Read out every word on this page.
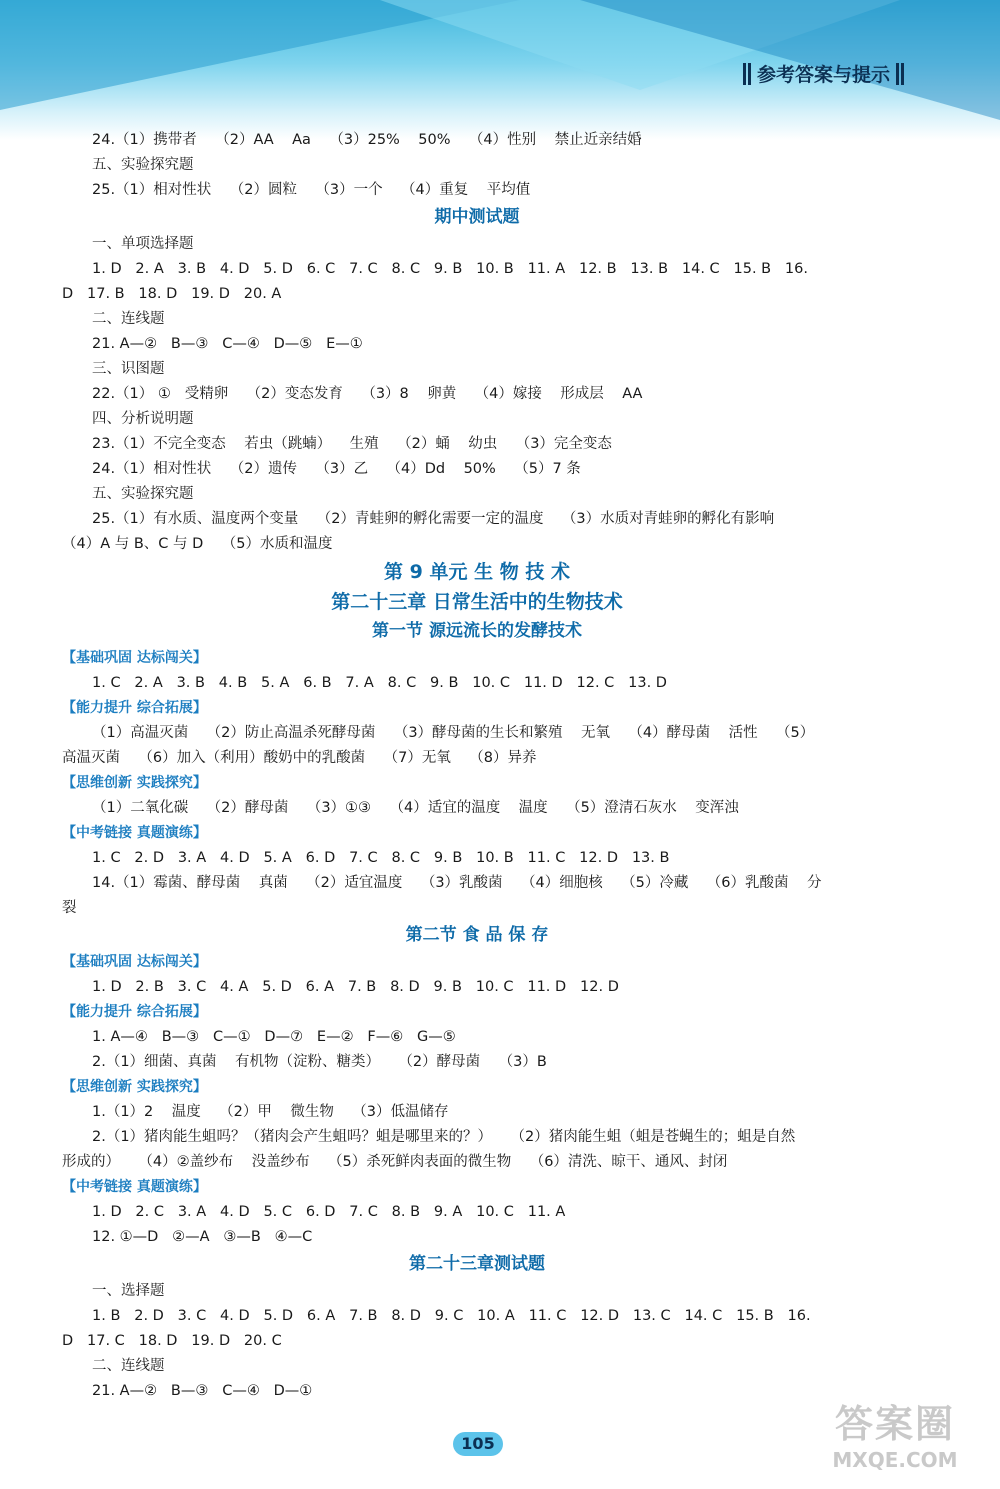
参考答案与提示
24.（1）携带者    （2）AA    Aa    （3）25%    50%    （4）性别    禁止近亲结婚
五、实验探究题
25.（1）相对性状    （2）圆粒    （3）一个    （4）重复    平均值
期中测试题
一、单项选择题
1. D   2. A   3. B   4. D   5. D   6. C   7. C   8. C   9. B   10. B   11. A   12. B   13. B   14. C   15. B   16.
D   17. B   18. D   19. D   20. A
二、连线题
21. A—②   B—③   C—④   D—⑤   E—①
三、识图题
22.（1） ①   受精卵    （2）变态发育    （3）8    卵黄    （4）嫁接    形成层    AA
四、分析说明题
23.（1）不完全变态    若虫（跳蝻）    生殖    （2）蛹    幼虫    （3）完全变态
24.（1）相对性状    （2）遗传    （3）乙    （4）Dd    50%    （5）7 条
五、实验探究题
25.（1）有水质、温度两个变量    （2）青蛙卵的孵化需要一定的温度    （3）水质对青蛙卵的孵化有影响
（4）A 与 B、C 与 D    （5）水质和温度
第 9 单元 生 物 技 术
第二十三章 日常生活中的生物技术
第一节 源远流长的发酵技术
【基础巩固 达标闯关】
1. C   2. A   3. B   4. B   5. A   6. B   7. A   8. C   9. B   10. C   11. D   12. C   13. D
【能力提升 综合拓展】
（1）高温灭菌    （2）防止高温杀死酵母菌    （3）酵母菌的生长和繁殖    无氧    （4）酵母菌    活性    （5）
高温灭菌    （6）加入（利用）酸奶中的乳酸菌    （7）无氧    （8）异养
【思维创新 实践探究】
（1）二氧化碳    （2）酵母菌    （3）①③    （4）适宜的温度    温度    （5）澄清石灰水    变浑浊
【中考链接 真题演练】
1. C   2. D   3. A   4. D   5. A   6. D   7. C   8. C   9. B   10. B   11. C   12. D   13. B
14.（1）霉菌、酵母菌    真菌    （2）适宜温度    （3）乳酸菌    （4）细胞核    （5）冷藏    （6）乳酸菌    分
裂
第二节 食 品 保 存
【基础巩固 达标闯关】
1. D   2. B   3. C   4. A   5. D   6. A   7. B   8. D   9. B   10. C   11. D   12. D
【能力提升 综合拓展】
1. A—④   B—③   C—①   D—⑦   E—②   F—⑥   G—⑤
2.（1）细菌、真菌    有机物（淀粉、糖类）    （2）酵母菌    （3）B
【思维创新 实践探究】
1.（1）2    温度    （2）甲    微生物    （3）低温储存
2.（1）猪肉能生蛆吗？（猪肉会产生蛆吗？蛆是哪里来的？）    （2）猪肉能生蛆（蛆是苍蝇生的；蛆是自然
形成的）    （4）②盖纱布    没盖纱布    （5）杀死鲜肉表面的微生物    （6）清洗、晾干、通风、封闭
【中考链接 真题演练】
1. D   2. C   3. A   4. D   5. C   6. D   7. C   8. B   9. A   10. C   11. A
12. ①—D   ②—A   ③—B   ④—C
第二十三章测试题
一、选择题
1. B   2. D   3. C   4. D   5. D   6. A   7. B   8. D   9. C   10. A   11. C   12. D   13. C   14. C   15. B   16.
D   17. C   18. D   19. D   20. C
二、连线题
21. A—②   B—③   C—④   D—①
105	答案圈
MXQE.COM
